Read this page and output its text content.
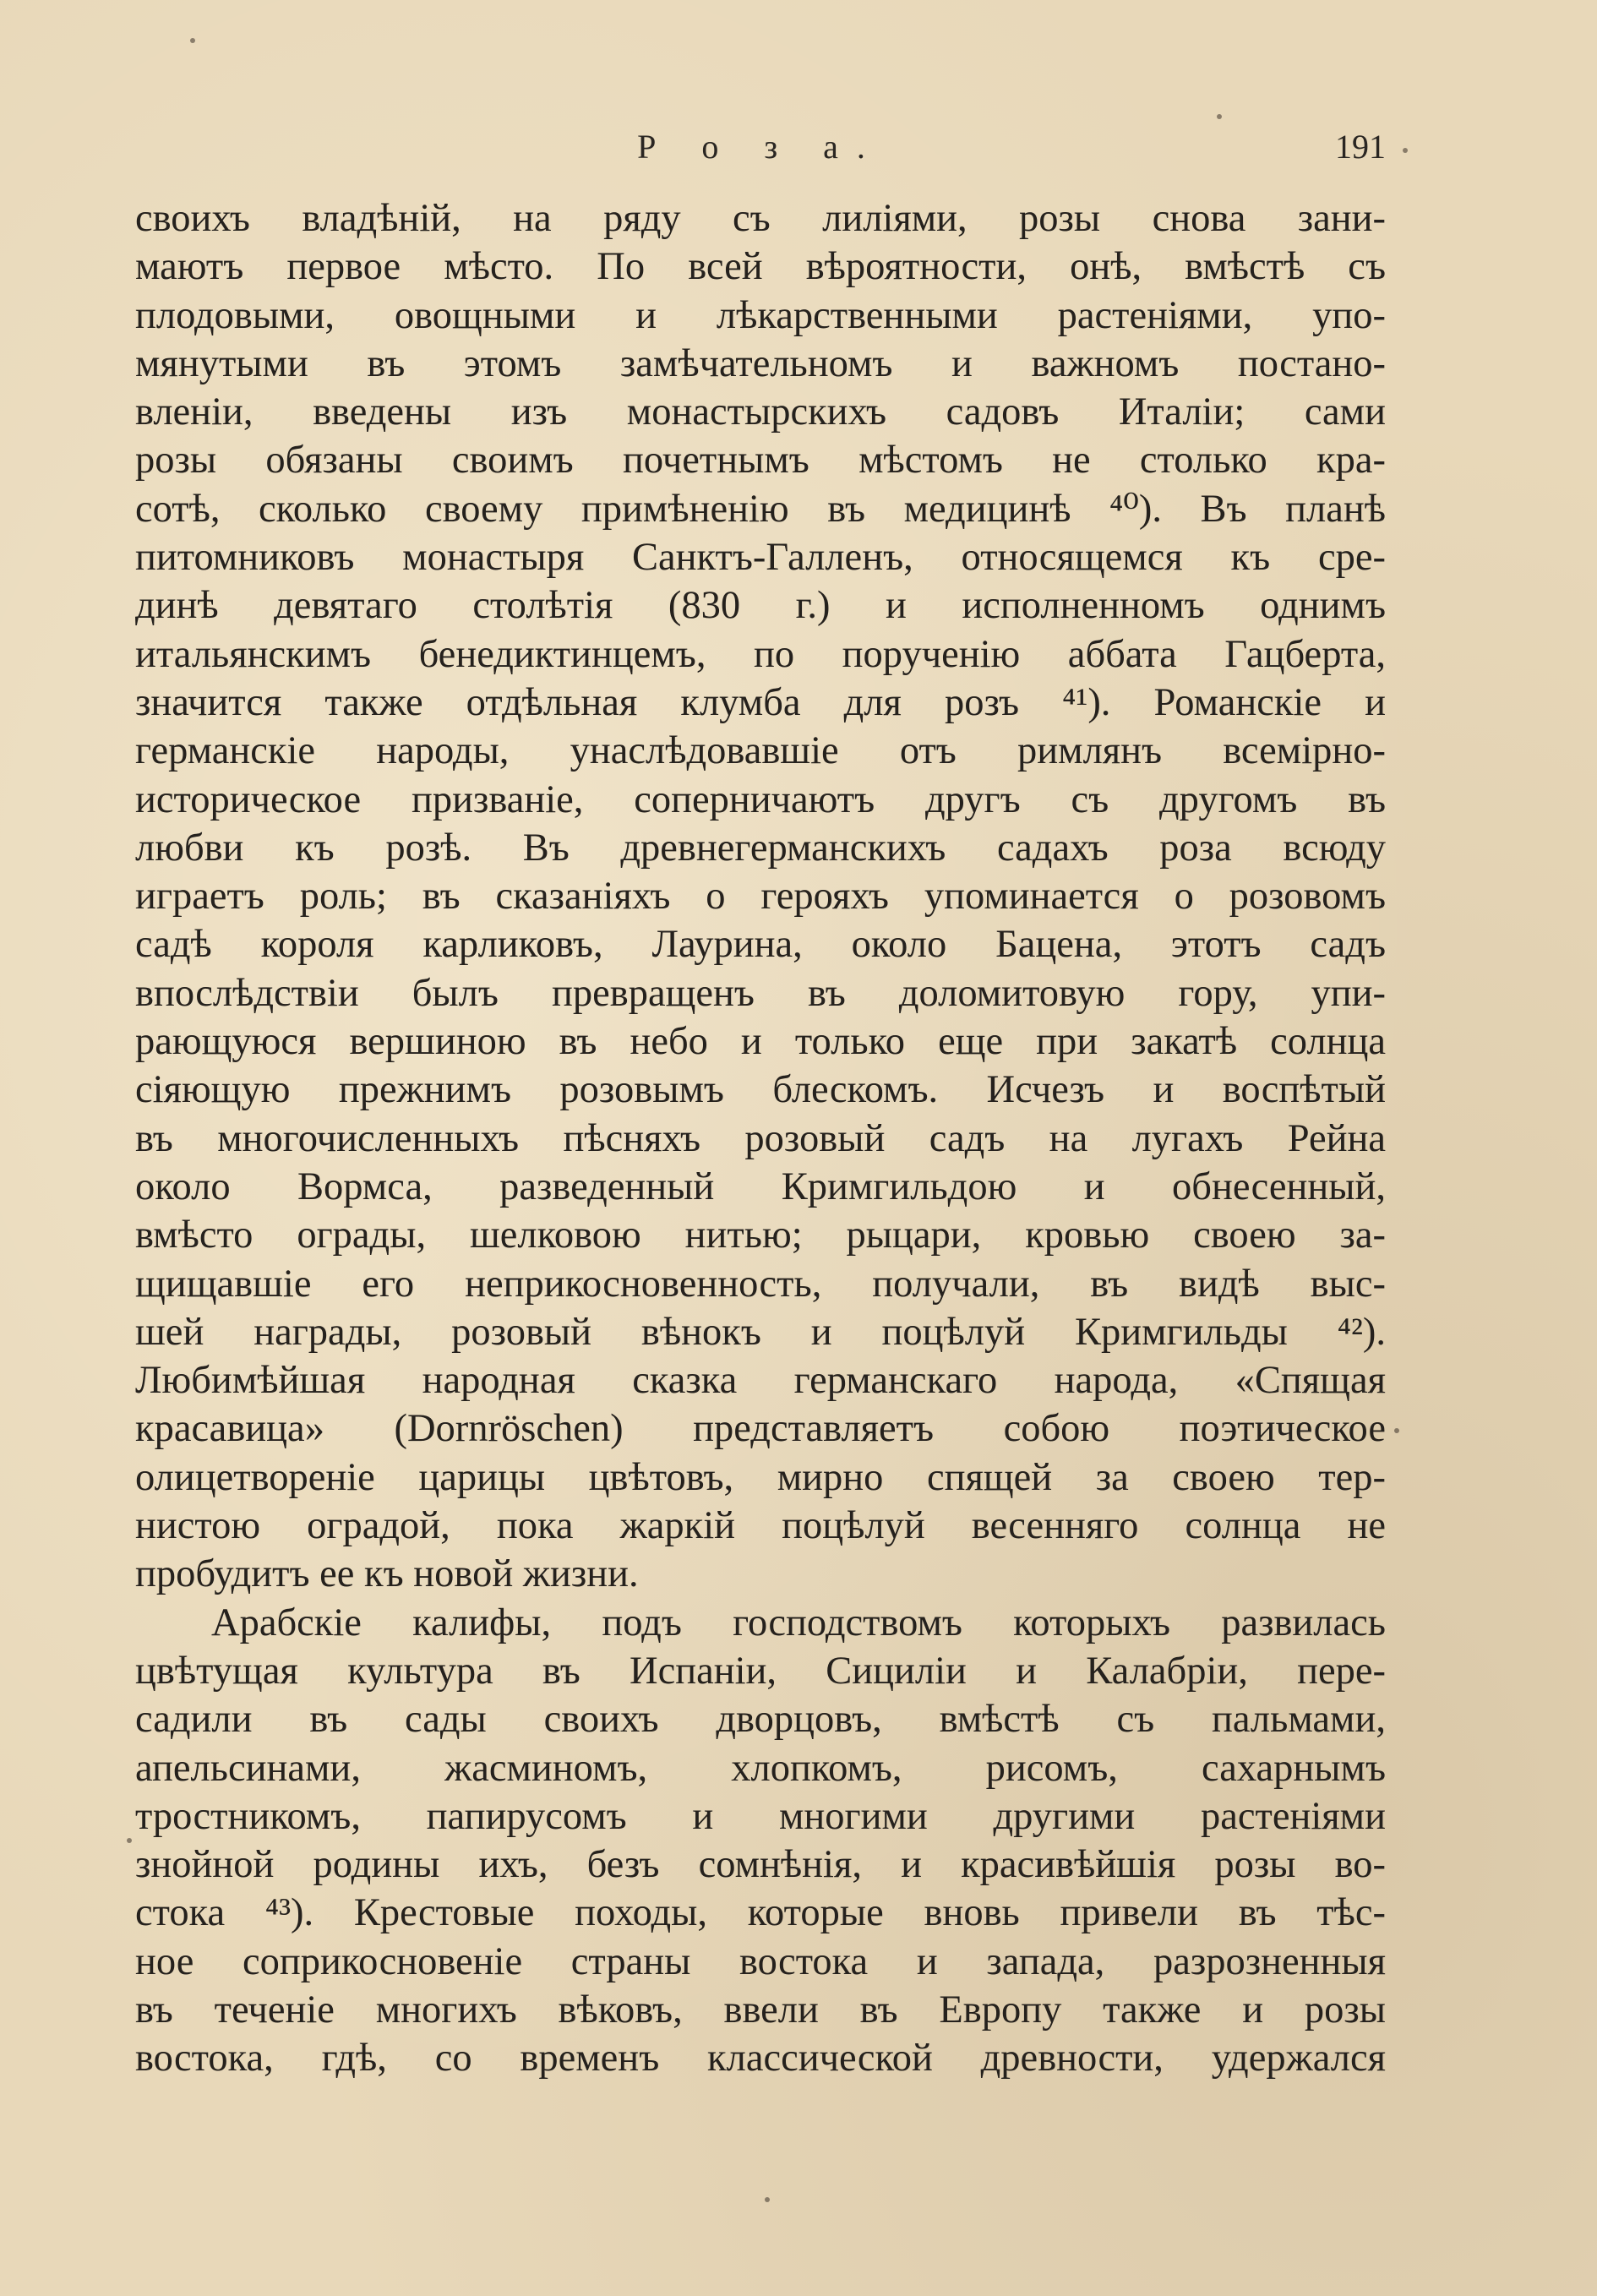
Р о з а.	191
своихъ владѣній, на ряду съ лиліями, розы снова зани-
маютъ первое мѣсто. По всей вѣроятности, онѣ, вмѣстѣ съ
плодовыми, овощными и лѣкарственными растеніями, упо-
мянутыми въ этомъ замѣчательномъ и важномъ постано-
вленіи, введены изъ монастырскихъ садовъ Италіи; сами
розы обязаны своимъ почетнымъ мѣстомъ не столько кра-
сотѣ, сколько своему примѣненію въ медицинѣ ⁴⁰). Въ планѣ
питомниковъ монастыря Санктъ-Галленъ, относящемся къ сре-
динѣ девятаго столѣтія (830 г.) и исполненномъ однимъ
итальянскимъ бенедиктинцемъ, по порученію аббата Гацберта,
значится также отдѣльная клумба для розъ ⁴¹). Романскіе и
германскіе народы, унаслѣдовавшіе отъ римлянъ всемірно-
историческое призваніе, соперничаютъ другъ съ другомъ въ
любви къ розѣ. Въ древнегерманскихъ садахъ роза всюду
играетъ роль; въ сказаніяхъ о герояхъ упоминается о розовомъ
садѣ короля карликовъ, Лаурина, около Бацена, этотъ садъ
впослѣдствіи былъ превращенъ въ доломитовую гору, упи-
рающуюся вершиною въ небо и только еще при закатѣ солнца
сіяющую прежнимъ розовымъ блескомъ. Исчезъ и воспѣтый
въ многочисленныхъ пѣсняхъ розовый садъ на лугахъ Рейна
около Вормса, разведенный Кримгильдою и обнесенный,
вмѣсто ограды, шелковою нитью; рыцари, кровью своею за-
щищавшіе его неприкосновенность, получали, въ видѣ выс-
шей награды, розовый вѣнокъ и поцѣлуй Кримгильды ⁴²).
Любимѣйшая народная сказка германскаго народа, «Спящая
красавица» (Dornröschen) представляетъ собою поэтическое
олицетвореніе царицы цвѣтовъ, мирно спящей за своею тер-
нистою оградой, пока жаркій поцѣлуй весенняго солнца не
пробудитъ ее къ новой жизни.
Арабскіе калифы, подъ господствомъ которыхъ развилась
цвѣтущая культура въ Испаніи, Сициліи и Калабріи, пере-
садили въ сады своихъ дворцовъ, вмѣстѣ съ пальмами,
апельсинами, жасминомъ, хлопкомъ, рисомъ, сахарнымъ
тростникомъ, папирусомъ и многими другими растеніями
знойной родины ихъ, безъ сомнѣнія, и красивѣйшія розы во-
стока ⁴³). Крестовые походы, которые вновь привели въ тѣс-
ное соприкосновеніе страны востока и запада, разрозненныя
въ теченіе многихъ вѣковъ, ввели въ Европу также и розы
востока, гдѣ, со временъ классической древности, удержался
